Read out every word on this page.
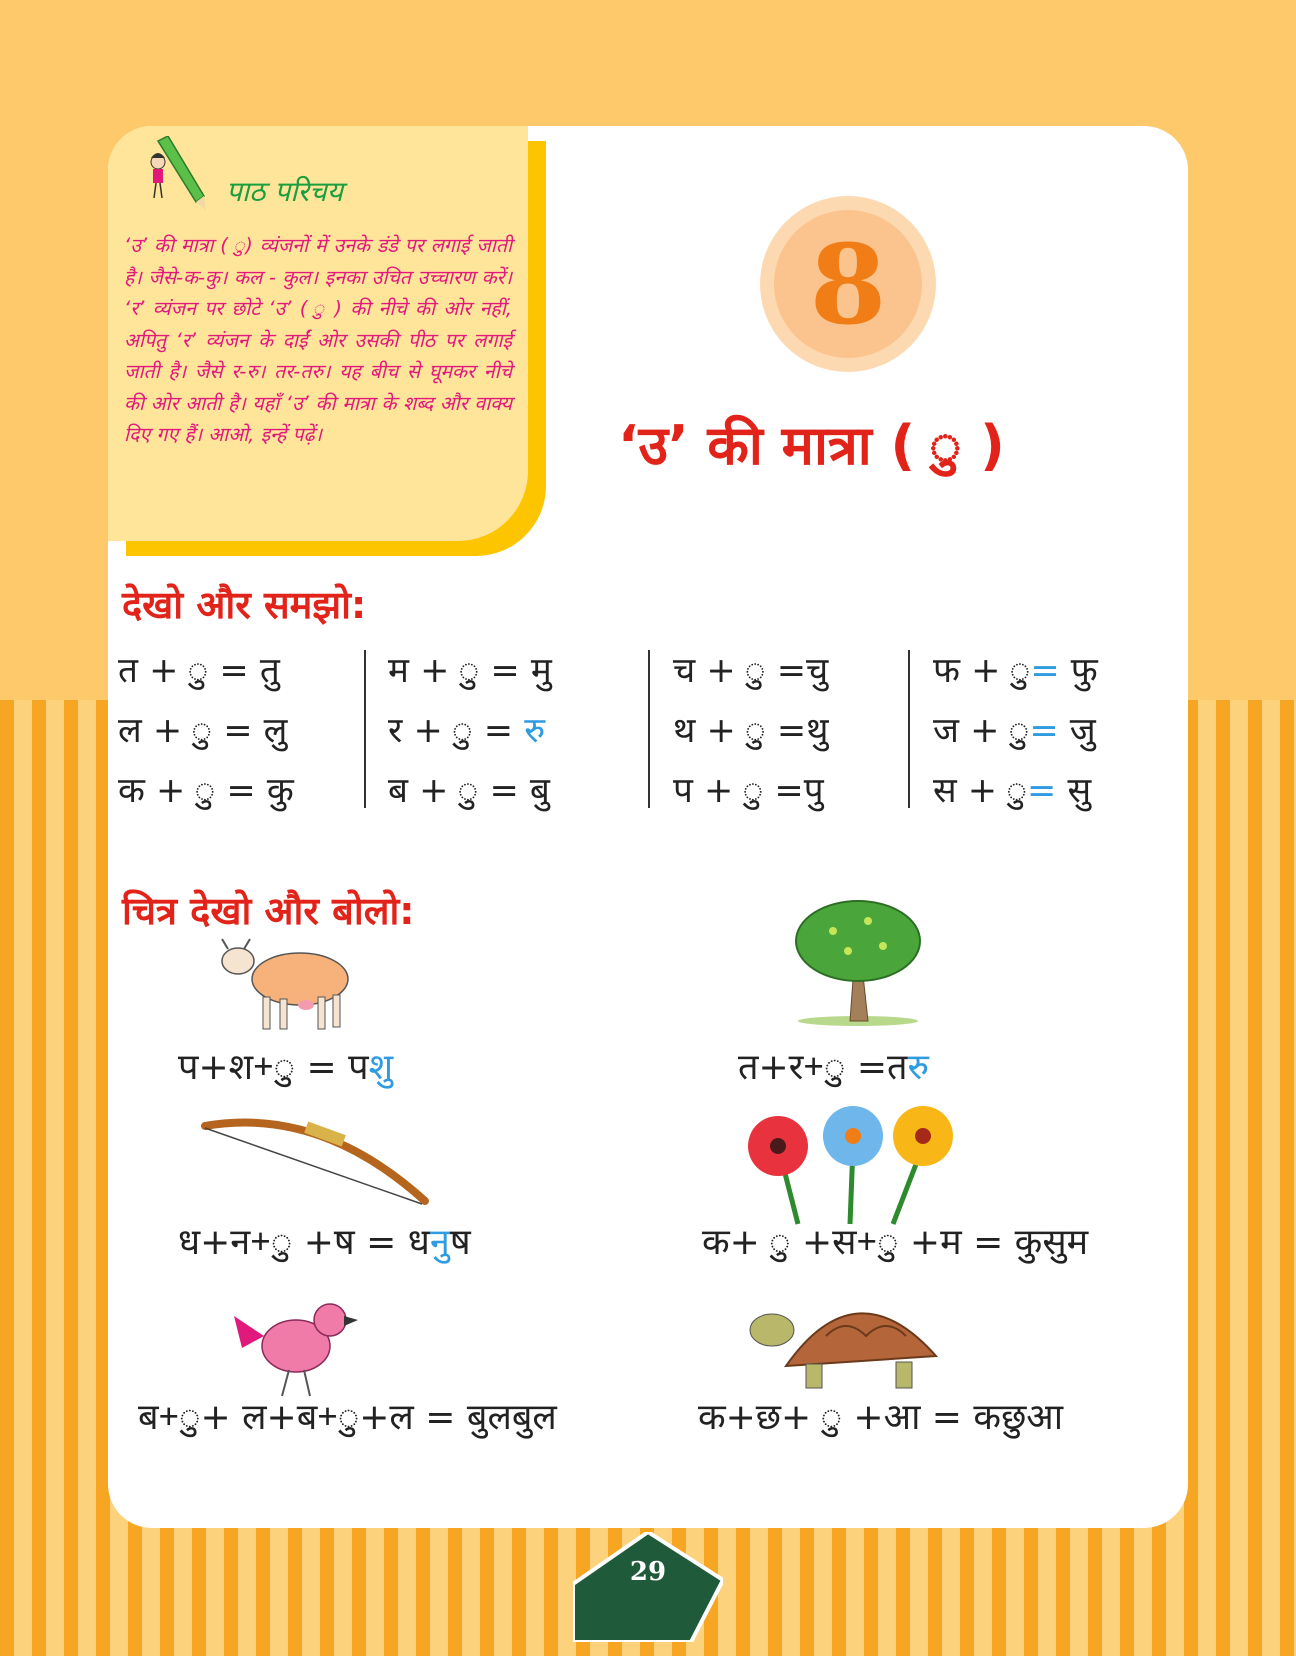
पाठ परिचय
‘उ’ की मात्रा ( ु) व्यंजनों में उनके डंडे पर लगाई जाती है। जैसे-क-कु। कल - कुल। इनका उचित उच्चारण करें। ‘र’ व्यंजन पर छोटे ‘उ’ ( ु ) की नीचे की ओर नहीं, अपितु ‘र’ व्यंजन के दाईं ओर उसकी पीठ पर लगाई जाती है। जैसे र-रु। तर-तरु। यह बीच से घूमकर नीचे की ओर आती है। यहाँ ‘उ’ की मात्रा के शब्द और वाक्य दिए गए हैं। आओ, इन्हें पढ़ें।
8
‘उ’ की मात्रा ( ु )
देखो और समझो:
त + = तु
ल + = लु
क + = कु
म + = मु
र + = रु
ब + = बु
च + =चु
थ + =थु
प + =पु
फ + = फु
ज + = जु
स + = सु
चित्र देखो और बोलो:
प+श+ = पशु	त+र+ =तरु
ध+न+ +ष = धनुष	क+ +स+ +म = कुसुम
ब++ ल+ब++ल = बुलबुल	क+छ+ +आ = कछुआ
29
